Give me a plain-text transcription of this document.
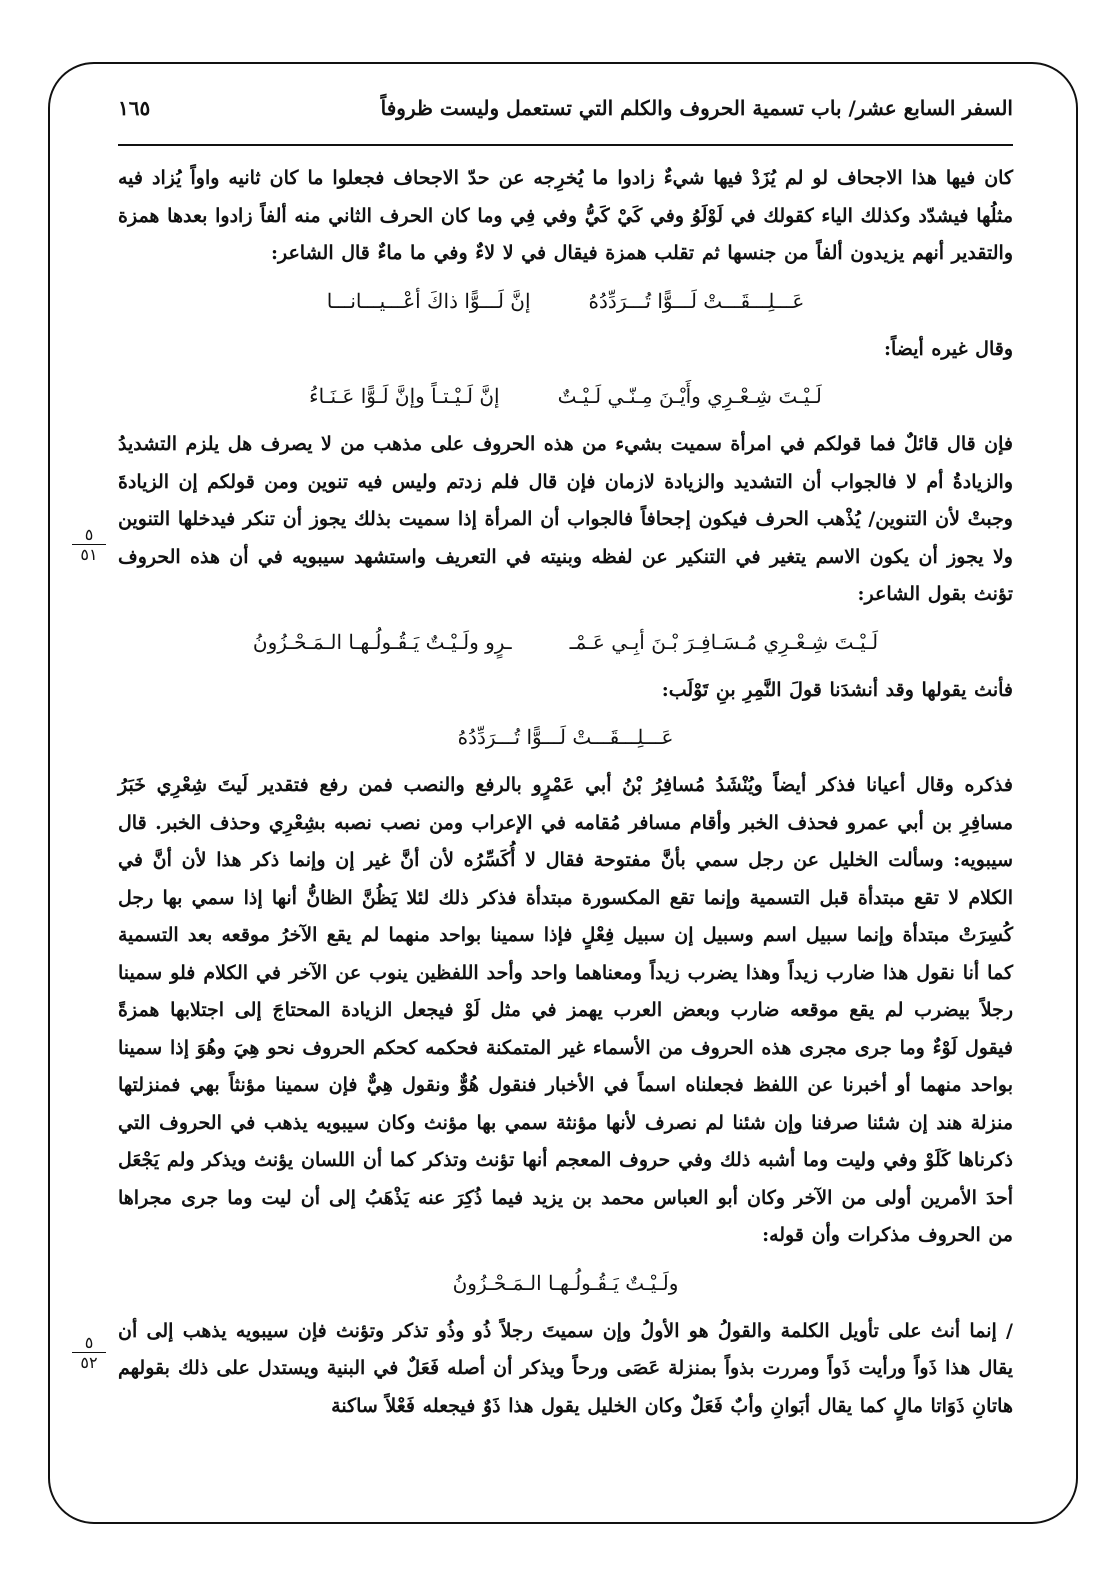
السفر السابع عشر/ باب تسمية الحروف والكلم التي تستعمل وليست ظروفاً
١٦٥
٥
٥١
٥
٥٢

كان فيها هذا الاجحاف لو لم يُزَدْ فيها شيءٌ زادوا ما يُخرِجه عن حدّ الاجحاف فجعلوا ما كان ثانيه واواً يُزاد فيه مثلُها فيشدّد وكذلك الياء كقولك في لَوْلَوُ وفي كَيْ كَيُّ وفي فِي وما كان الحرف الثاني منه ألفاً زادوا بعدها همزة والتقدير أنهم يزيدون ألفاً من جنسها ثم تقلب همزة فيقال في لا لاءٌ وفي ما ماءٌ قال الشاعر:

عَـــلِـــقَـــتْ لَـــوًّا تُـــرَدِّدُهُ
إنَّ لَـــوًّا ذاكَ أعْـــيـــانـــا

وقال غيره أيضاً:

لَـيْـتَ شِـعْـرِي وأَيْـنَ مِـنّـي لَـيْـتٌ
إنَّ لَـيْـتـاً وإنَّ لَـوًّا عَـنَـاءُ

فإن قال قائلٌ فما قولكم في امرأة سميت بشيء من هذه الحروف على مذهب من لا يصرف هل يلزم التشديدُ والزيادةُ أم لا فالجواب أن التشديد والزيادة لازمان فإن قال فلم زدتم وليس فيه تنوين ومن قولكم إن الزيادةَ وجبتْ لأن التنوين/ يُذْهب الحرف فيكون إجحافاً فالجواب أن المرأة إذا سميت بذلك يجوز أن تنكر فيدخلها التنوين ولا يجوز أن يكون الاسم يتغير في التنكير عن لفظه وبنيته في التعريف واستشهد سيبويه في أن هذه الحروف تؤنث بقول الشاعر:

لَـيْـتَ شِـعْـرِي مُـسَـافِـرَ بْـنَ أبِـي عَـمْـ
ـرٍو ولَـيْـتٌ يَـقُـولُـهـا الـمَـحْـزُونُ

فأنث يقولها وقد أنشدَنا قولَ النَّمِرِ بنِ تَوْلَب:

عَـــلِـــقَـــتْ لَـــوًّا تُـــرَدِّدُهُ

فذكره وقال أعيانا فذكر أيضاً ويُنْشَدُ مُسافِرُ بْنُ أبي عَمْرٍو بالرفع والنصب فمن رفع فتقدير لَيتَ شِعْرِي خَبَرُ مسافِرِ بن أبي عمرو فحذف الخبر وأقام مسافر مُقامه في الإعراب ومن نصب نصبه بشِعْرِي وحذف الخبر. قال سيبويه: وسألت الخليل عن رجل سمي بأنَّ مفتوحة فقال لا أُكَسِّرُه لأن أنَّ غير إن وإنما ذكر هذا لأن أنَّ في الكلام لا تقع مبتدأة قبل التسمية وإنما تقع المكسورة مبتدأة فذكر ذلك لئلا يَظُنَّ الظانُّ أنها إذا سمي بها رجل كُسِرَتْ مبتدأة وإنما سبيل اسم وسبيل إن سبيل فِعْلٍ فإذا سمينا بواحد منهما لم يقع الآخرُ موقعه بعد التسمية كما أنا نقول هذا ضارب زيداً وهذا يضرب زيداً ومعناهما واحد وأحد اللفظين ينوب عن الآخر في الكلام فلو سمينا رجلاً بيضرب لم يقع موقعه ضارب وبعض العرب يهمز في مثل لَوْ فيجعل الزيادة المحتاجَ إلى اجتلابها همزةً فيقول لَوْءٌ وما جرى مجرى هذه الحروف من الأسماء غير المتمكنة فحكمه كحكم الحروف نحو هِيَ وهُوَ إذا سمينا بواحد منهما أو أخبرنا عن اللفظ فجعلناه اسماً في الأخبار فنقول هُوٌّ ونقول هِيٌّ فإن سمينا مؤنثاً بهي فمنزلتها منزلة هند إن شئنا صرفنا وإن شئنا لم نصرف لأنها مؤنثة سمي بها مؤنث وكان سيبويه يذهب في الحروف التي ذكرناها كَلَوْ وفي وليت وما أشبه ذلك وفي حروف المعجم أنها تؤنث وتذكر كما أن اللسان يؤنث ويذكر ولم يَجْعَل أحدَ الأمرين أولى من الآخر وكان أبو العباس محمد بن يزيد فيما ذُكِرَ عنه يَذْهَبُ إلى أن ليت وما جرى مجراها من الحروف مذكرات وأن قوله:

ولَـيْـتٌ يَـقُـولُـهـا الـمَـحْـزُونُ

/ إنما أنث على تأويل الكلمة والقولُ هو الأولُ وإن سميتَ رجلاً ذُو وذُو تذكر وتؤنث فإن سيبويه يذهب إلى أن يقال هذا ذَواً ورأيت ذَواً ومررت بذواً بمنزلة عَصَى ورحاً ويذكر أن أصله فَعَلٌ في البنية ويستدل على ذلك بقولهم هاتانِ ذَوَاتا مالٍ كما يقال أبَوانِ وأبٌ فَعَلٌ وكان الخليل يقول هذا ذَوٌ فيجعله فَعْلاً ساكنة
